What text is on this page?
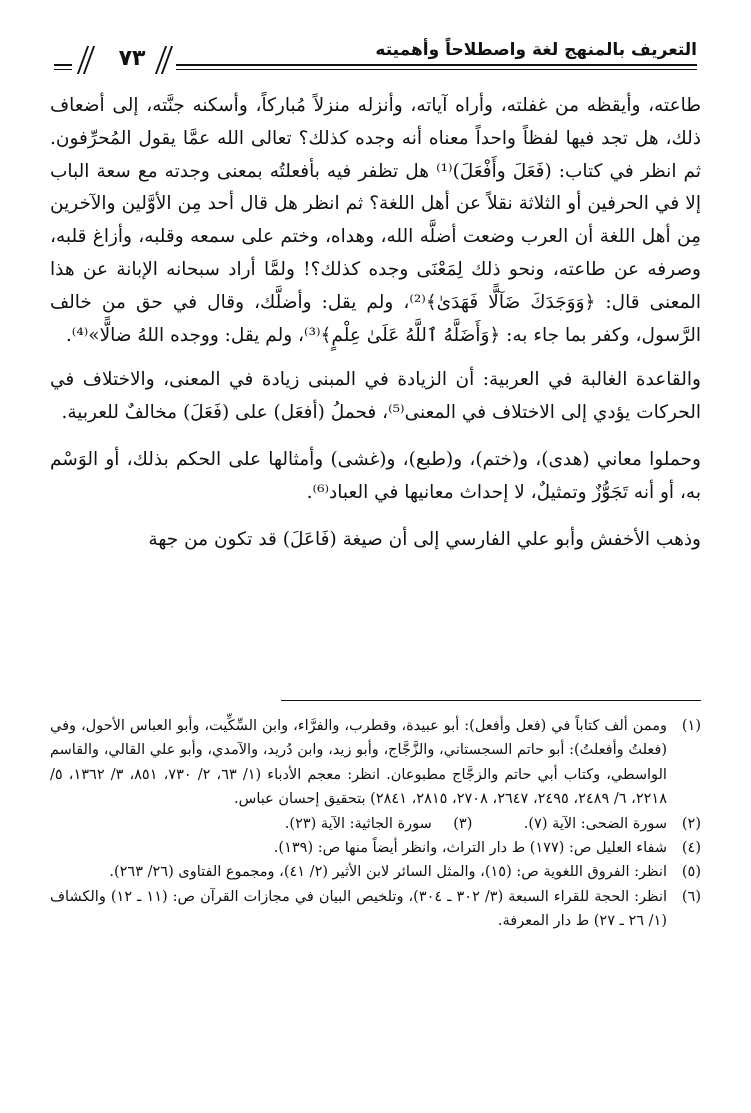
التعريف بالمنهج لغة واصطلاحاً وأهميته
٧٣

طاعته، وأيقظه من غفلته، وأراه آياته، وأنزله منزلاً مُباركاً، وأسكنه جنَّته، إلى أضعاف ذلك، هل تجد فيها لفظاً واحداً معناه أنه وجده كذلك؟ تعالى الله عمَّا يقول المُحرِّفون. ثم انظر في كتاب: (فَعَلَ وأَفْعَلَ)⁽¹⁾ هل تظفر فيه بأفعلتُه بمعنى وجدته مع سعة الباب إلا في الحرفين أو الثلاثة نقلاً عن أهل اللغة؟ ثم انظر هل قال أحد مِن الأوَّلين والآخرين مِن أهل اللغة أن العرب وضعت أضلَّه الله، وهداه، وختم على سمعه وقلبه، وأزاغ قلبه، وصرفه عن طاعته، ونحو ذلك لِمَعْنَى وجده كذلك؟! ولمَّا أراد سبحانه الإبانة عن هذا المعنى قال: ﴿وَوَجَدَكَ ضَآلًّا فَهَدَىٰ﴾⁽²⁾، ولم يقل: وأضلَّك، وقال في حق من خالف الرَّسول، وكفر بما جاء به: ﴿وَأَضَلَّهُ ٱللَّهُ عَلَىٰ عِلْمٍ﴾⁽³⁾، ولم يقل: ووجده اللهُ ضالًّا»⁽⁴⁾.

والقاعدة الغالبة في العربية: أن الزيادة في المبنى زيادة في المعنى، والاختلاف في الحركات يؤدي إلى الاختلاف في المعنى⁽⁵⁾، فحملُ (أفعَل) على (فَعَلَ) مخالفٌ للعربية.

وحملوا معاني (هدى)، و(ختم)، و(طبع)، و(غشى) وأمثالها على الحكم بذلك، أو الوَسْم به، أو أنه تَجَوُّزٌ وتمثيلٌ، لا إحداث معانيها في العباد⁽⁶⁾.

وذهب الأخفش وأبو علي الفارسي إلى أن صيغة (فَاعَلَ) قد تكون من جهة

(١)
وممن ألف كتاباً في (فعل وأفعل): أبو عبيدة، وقطرب، والفرَّاء، وابن السِّكِّيت، وأبو العباس الأحول، وفي (فعلتُ وأفعلتُ): أبو حاتم السجستاني، والزَّجَّاج، وأبو زيد، وابن دُريد، والآمدي، وأبو علي القالي، والقاسم الواسطي، وكتاب أبي حاتم والزجَّاج مطبوعان. انظر: معجم الأدباء (١/ ٦٣، ٢/ ٧٣٠، ٨٥١، ٣/ ١٣٦٢، ٥/ ٢٢١٨، ٦/ ٢٤٨٩، ٢٤٩٥، ٢٦٤٧، ٢٧٠٨، ٢٨١٥، ٢٨٤١) بتحقيق إحسان عباس.
(٢)
سورة الضحى: الآية (٧). (٣) سورة الجاثية: الآية (٢٣).
(٤)
شفاء العليل ص: (١٧٧) ط دار التراث، وانظر أيضاً منها ص: (١٣٩).
(٥)
انظر: الفروق اللغوية ص: (١٥)، والمثل السائر لابن الأثير (٢/ ٤١)، ومجموع الفتاوى (٢٦/ ٢٦٣).
(٦)
انظر: الحجة للقراء السبعة (٣/ ٣٠٢ ـ ٣٠٤)، وتلخيص البيان في مجازات القرآن ص: (١١ ـ ١٢) والكشاف (١/ ٢٦ ـ ٢٧) ط دار المعرفة.
